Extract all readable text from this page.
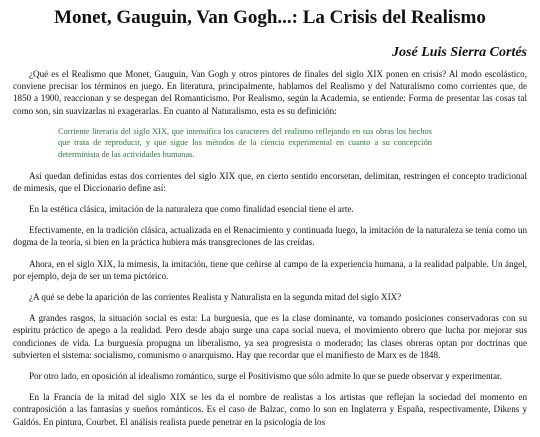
Monet, Gauguin, Van Gogh...: La Crisis del Realismo

José Luis Sierra Cortés

¿Qué es el Realismo que Monet, Gauguin, Van Gogh y otros pintores de finales del siglo XIX ponen en crisis? Al modo escolástico, conviene precisar los términos en juego. En literatura, principalmente, hablamos del Realismo y del Naturalismo como corrientes que, de 1850 a 1900, reaccionan y se despegan del Romanticismo. Por Realismo, según la Academia, se entiende: Forma de presentar las cosas tal como son, sin suavizarlas ni exagerarlas. En cuanto al Naturalismo, esta es su definición:

Corriente literaria del siglo XIX, que intensifica los caracteres del realismo reflejando en sus obras los hechos que trata de reproducir, y que sigue los métodos de la ciencia experimental en cuanto a su concepción determinista de las actividades humanas.

Así quedan definidas estas dos corrientes del siglo XIX que, en cierto sentido encorsetan, delimitan, restringen el concepto tradicional de mimesis, que el Diccionario define así:

En la estética clásica, imitación de la naturaleza que como finalidad esencial tiene el arte.

Efectivamente, en la tradición clásica, actualizada en el Renacimiento y continuada luego, la imitación de la naturaleza se tenía como un dogma de la teoría, si bien en la práctica hubiera más transgreciones de las creídas.

Ahora, en el siglo XIX, la mímesis, la imitación, tiene que ceñirse al campo de la experiencia humana, a la realidad palpable. Un ángel, por ejemplo, deja de ser un tema pictórico.

¿A qué se debe la aparición de las corrientes Realista y Naturalista en la segunda mitad del siglo XIX?

A grandes rasgos, la situación social es esta: La burguesía, que es la clase dominante, va tomando posiciones conservadoras con su espíritu práctico de apego a la realidad. Pero desde abajo surge una capa social nueva, el movimiento obrero que lucha por mejorar sus condiciones de vida. La burguesía propugna un liberalismo, ya sea progresista o moderado; las clases obreras optan por doctrinas que subvierten el sistema: socialismo, comunismo o anarquismo. Hay que recordar que el manifiesto de Marx es de 1848.

Por otro lado, en oposición al idealismo romántico, surge el Positivismo que sólo admite lo que se puede observar y experimentar.

En la Francia de la mitad del siglo XIX se les da el nombre de realistas a los artistas que reflejan la sociedad del momento en contraposición a las fantasías y sueños románticos. Es el caso de Balzac, como lo son en Inglaterra y España, respectivamente, Dikens y Galdós. En pintura, Courbet. El análisis realista puede penetrar en la psicología de los
